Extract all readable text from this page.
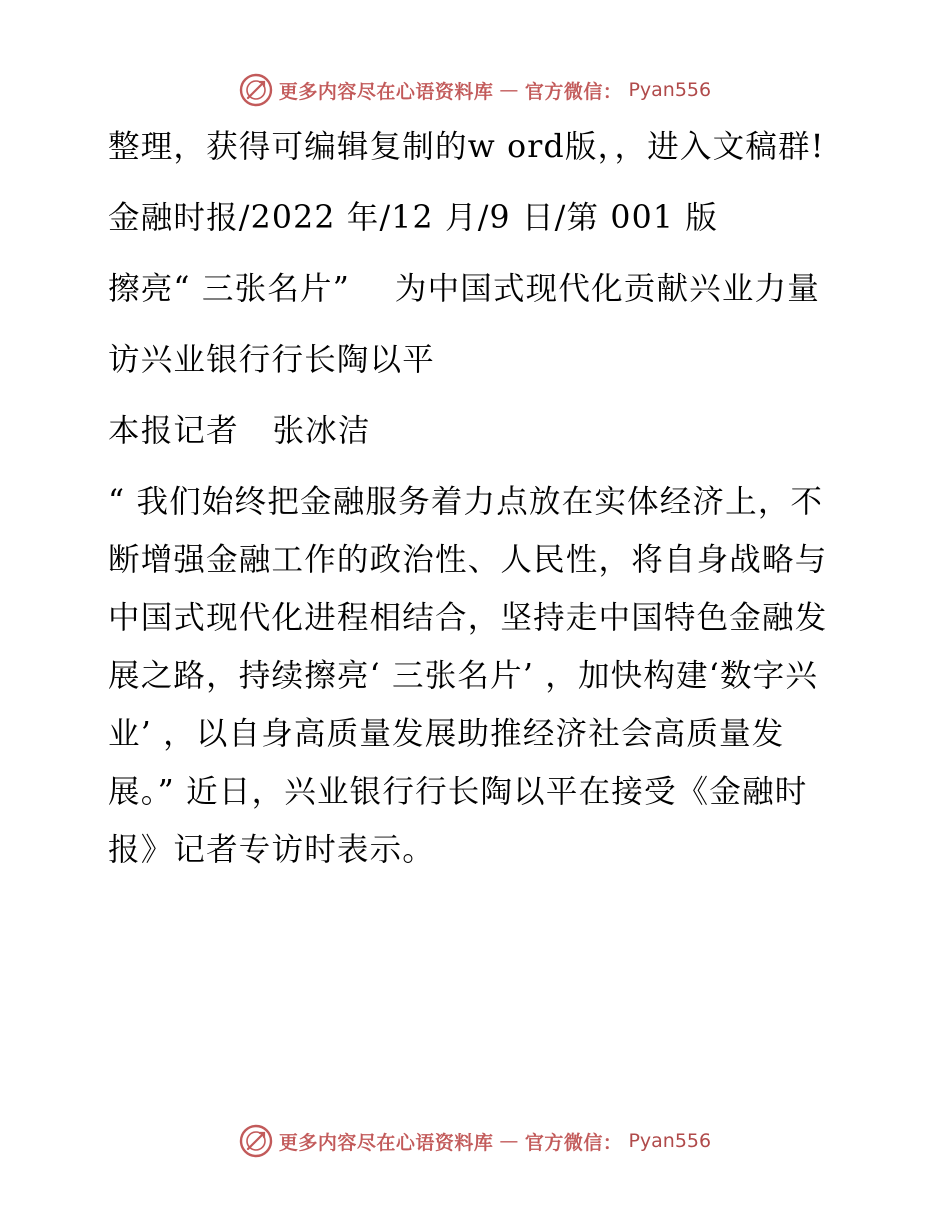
更多内容尽在心语资料库 — 官方微信： Pyan556

整理，获得可编辑复制的w ord版，，进入文稿群!

金融时报/2022 年/12 月/9 日/第 001 版

擦亮“ 三张名片”    为中国式现代化贡献兴业力量

访兴业银行行长陶以平

本报记者   张冰洁

“ 我们始终把金融服务着力点放在实体经济上，不断增强金融工作的政治性、人民性，将自身战略与中国式现代化进程相结合，坚持走中国特色金融发展之路，持续擦亮‘ 三张名片’ ，加快构建‘数字兴业’ ，以自身高质量发展助推经济社会高质量发展。” 近日，兴业银行行长陶以平在接受《金融时报》记者专访时表示。

更多内容尽在心语资料库 — 官方微信： Pyan556
